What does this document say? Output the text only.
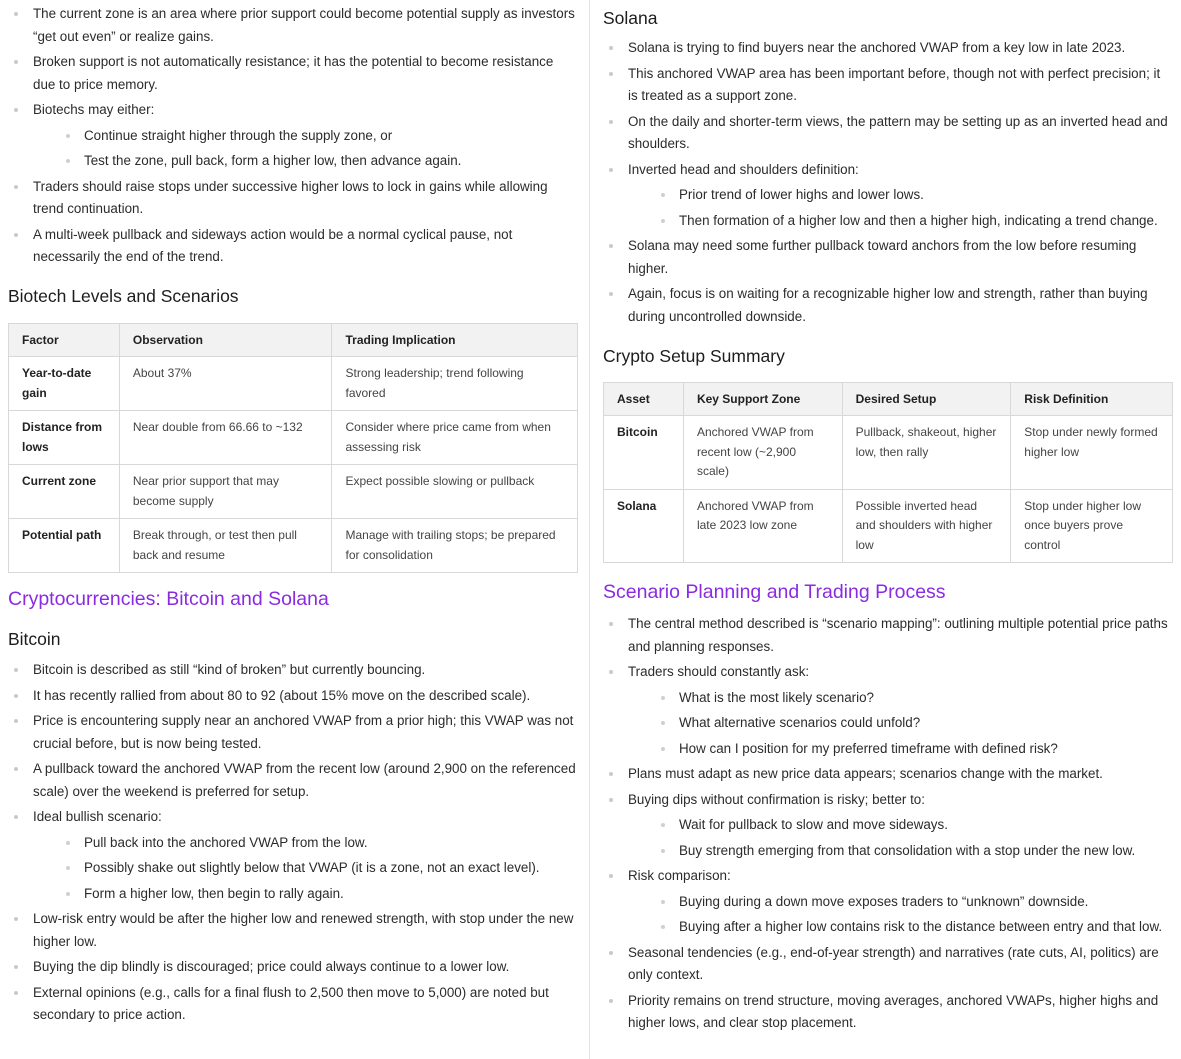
The current zone is an area where prior support could become potential supply as investors “get out even” or realize gains.
Broken support is not automatically resistance; it has the potential to become resistance due to price memory.
Biotechs may either:
Continue straight higher through the supply zone, or
Test the zone, pull back, form a higher low, then advance again.
Traders should raise stops under successive higher lows to lock in gains while allowing trend continuation.
A multi-week pullback and sideways action would be a normal cyclical pause, not necessarily the end of the trend.
Biotech Levels and Scenarios
Factor	Observation	Trading Implication
Year-to-date gain	About 37%	Strong leadership; trend following favored
Distance from lows	Near double from 66.66 to ~132	Consider where price came from when assessing risk
Current zone	Near prior support that may become supply	Expect possible slowing or pullback
Potential path	Break through, or test then pull back and resume	Manage with trailing stops; be prepared for consolidation
Cryptocurrencies: Bitcoin and Solana
Bitcoin
Bitcoin is described as still “kind of broken” but currently bouncing.
It has recently rallied from about 80 to 92 (about 15% move on the described scale).
Price is encountering supply near an anchored VWAP from a prior high; this VWAP was not crucial before, but is now being tested.
A pullback toward the anchored VWAP from the recent low (around 2,900 on the referenced scale) over the weekend is preferred for setup.
Ideal bullish scenario:
Pull back into the anchored VWAP from the low.
Possibly shake out slightly below that VWAP (it is a zone, not an exact level).
Form a higher low, then begin to rally again.
Low-risk entry would be after the higher low and renewed strength, with stop under the new higher low.
Buying the dip blindly is discouraged; price could always continue to a lower low.
External opinions (e.g., calls for a final flush to 2,500 then move to 5,000) are noted but secondary to price action.
Solana
Solana is trying to find buyers near the anchored VWAP from a key low in late 2023.
This anchored VWAP area has been important before, though not with perfect precision; it is treated as a support zone.
On the daily and shorter-term views, the pattern may be setting up as an inverted head and shoulders.
Inverted head and shoulders definition:
Prior trend of lower highs and lower lows.
Then formation of a higher low and then a higher high, indicating a trend change.
Solana may need some further pullback toward anchors from the low before resuming higher.
Again, focus is on waiting for a recognizable higher low and strength, rather than buying during uncontrolled downside.
Crypto Setup Summary
Asset	Key Support Zone	Desired Setup	Risk Definition
Bitcoin	Anchored VWAP from recent low (~2,900 scale)	Pullback, shakeout, higher low, then rally	Stop under newly formed higher low
Solana	Anchored VWAP from late 2023 low zone	Possible inverted head and shoulders with higher low	Stop under higher low once buyers prove control
Scenario Planning and Trading Process
The central method described is “scenario mapping”: outlining multiple potential price paths and planning responses.
Traders should constantly ask:
What is the most likely scenario?
What alternative scenarios could unfold?
How can I position for my preferred timeframe with defined risk?
Plans must adapt as new price data appears; scenarios change with the market.
Buying dips without confirmation is risky; better to:
Wait for pullback to slow and move sideways.
Buy strength emerging from that consolidation with a stop under the new low.
Risk comparison:
Buying during a down move exposes traders to “unknown” downside.
Buying after a higher low contains risk to the distance between entry and that low.
Seasonal tendencies (e.g., end-of-year strength) and narratives (rate cuts, AI, politics) are only context.
Priority remains on trend structure, moving averages, anchored VWAPs, higher highs and higher lows, and clear stop placement.
